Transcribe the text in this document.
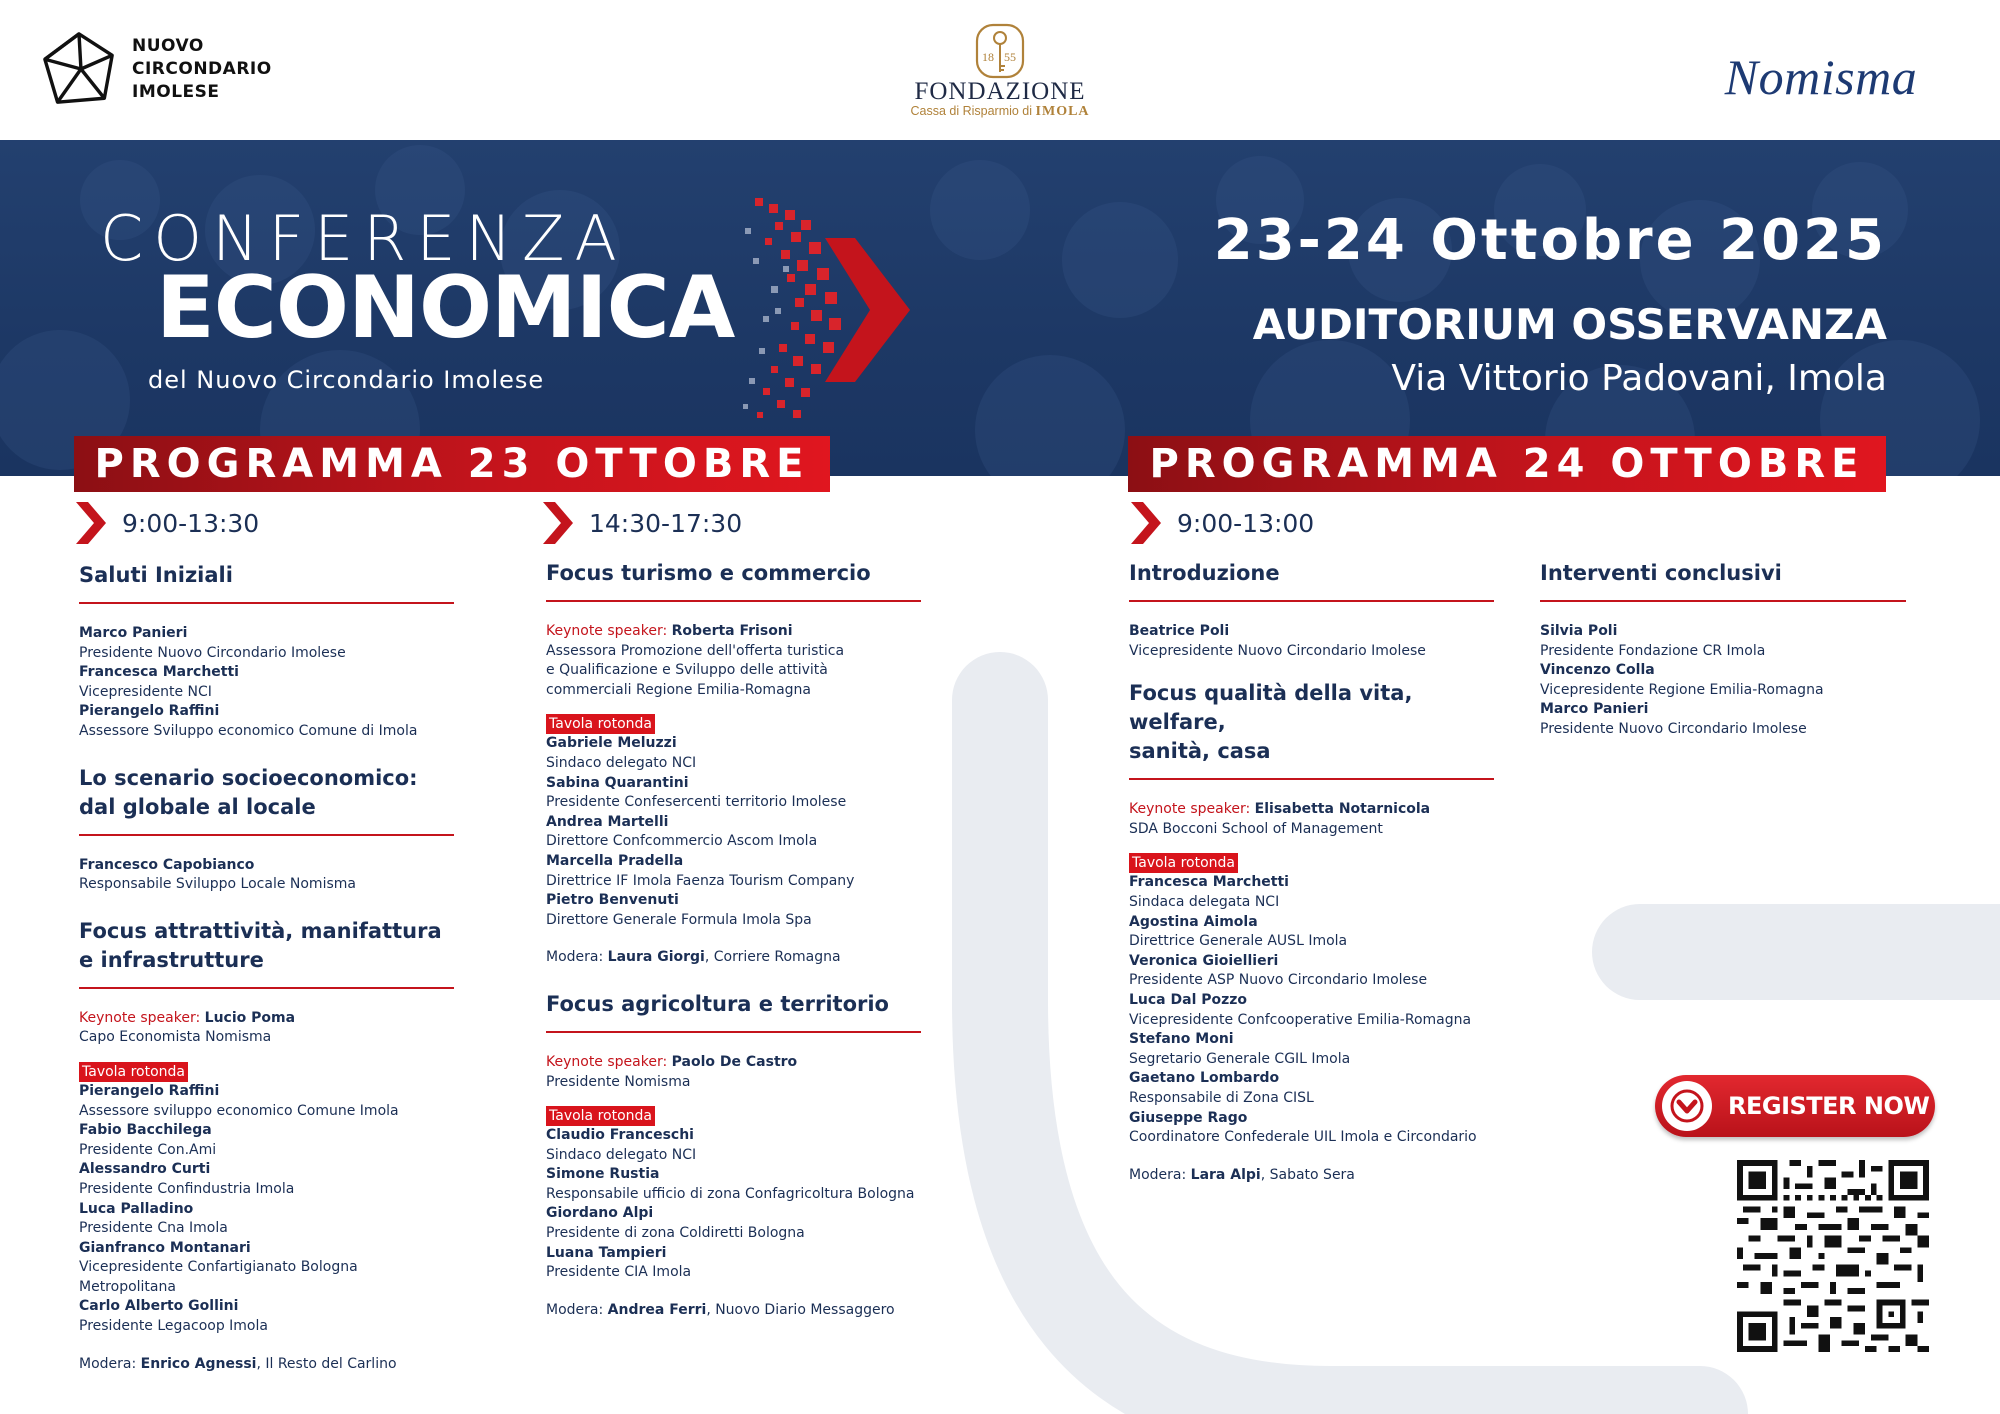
NUOVO
CIRCONDARIO
IMOLESE
18 55
FONDAZIONE
Cassa di Risparmio di IMOLA
Nomisma
CONFERENZA
ECONOMICA
del Nuovo Circondario Imolese
23-24 Ottobre 2025
AUDITORIUM OSSERVANZA
Via Vittorio Padovani, Imola
PROGRAMMA 23 OTTOBRE	PROGRAMMA 24 OTTOBRE
9:00-13:30	14:30-17:30	9:00-13:00
Saluti Iniziali
Marco Panieri
Presidente Nuovo Circondario Imolese
Francesca Marchetti
Vicepresidente NCI
Pierangelo Raffini
Assessore Sviluppo economico Comune di Imola
Lo scenario socioeconomico:
dal globale al locale
Francesco Capobianco
Responsabile Sviluppo Locale Nomisma
Focus attrattività, manifattura
e infrastrutture
Keynote speaker: Lucio Poma
Capo Economista Nomisma
Tavola rotonda
Pierangelo Raffini
Assessore sviluppo economico Comune Imola
Fabio Bacchilega
Presidente Con.Ami
Alessandro Curti
Presidente Confindustria Imola
Luca Palladino
Presidente Cna Imola
Gianfranco Montanari
Vicepresidente Confartigianato Bologna Metropolitana
Carlo Alberto Gollini
Presidente Legacoop Imola
Modera: Enrico Agnessi, Il Resto del Carlino
Focus turismo e commercio
Keynote speaker: Roberta Frisoni
Assessora Promozione dell'offerta turistica
e Qualificazione e Sviluppo delle attività
commerciali Regione Emilia-Romagna
Tavola rotonda
Gabriele Meluzzi
Sindaco delegato NCI
Sabina Quarantini
Presidente Confesercenti territorio Imolese
Andrea Martelli
Direttore Confcommercio Ascom Imola
Marcella Pradella
Direttrice IF Imola Faenza Tourism Company
Pietro Benvenuti
Direttore Generale Formula Imola Spa
Modera: Laura Giorgi, Corriere Romagna
Focus agricoltura e territorio
Keynote speaker: Paolo De Castro
Presidente Nomisma
Tavola rotonda
Claudio Franceschi
Sindaco delegato NCI
Simone Rustia
Responsabile ufficio di zona Confagricoltura Bologna
Giordano Alpi
Presidente di zona Coldiretti Bologna
Luana Tampieri
Presidente CIA Imola
Modera: Andrea Ferri, Nuovo Diario Messaggero
Introduzione
Beatrice Poli
Vicepresidente Nuovo Circondario Imolese
Focus qualità della vita, welfare,
sanità, casa
Keynote speaker: Elisabetta Notarnicola
SDA Bocconi School of Management
Tavola rotonda
Francesca Marchetti
Sindaca delegata NCI
Agostina Aimola
Direttrice Generale AUSL Imola
Veronica Gioiellieri
Presidente ASP Nuovo Circondario Imolese
Luca Dal Pozzo
Vicepresidente Confcooperative Emilia-Romagna
Stefano Moni
Segretario Generale CGIL Imola
Gaetano Lombardo
Responsabile di Zona CISL
Giuseppe Rago
Coordinatore Confederale UIL Imola e Circondario
Modera: Lara Alpi, Sabato Sera
Interventi conclusivi
Silvia Poli
Presidente Fondazione CR Imola
Vincenzo Colla
Vicepresidente Regione Emilia-Romagna
Marco Panieri
Presidente Nuovo Circondario Imolese
REGISTER NOW
